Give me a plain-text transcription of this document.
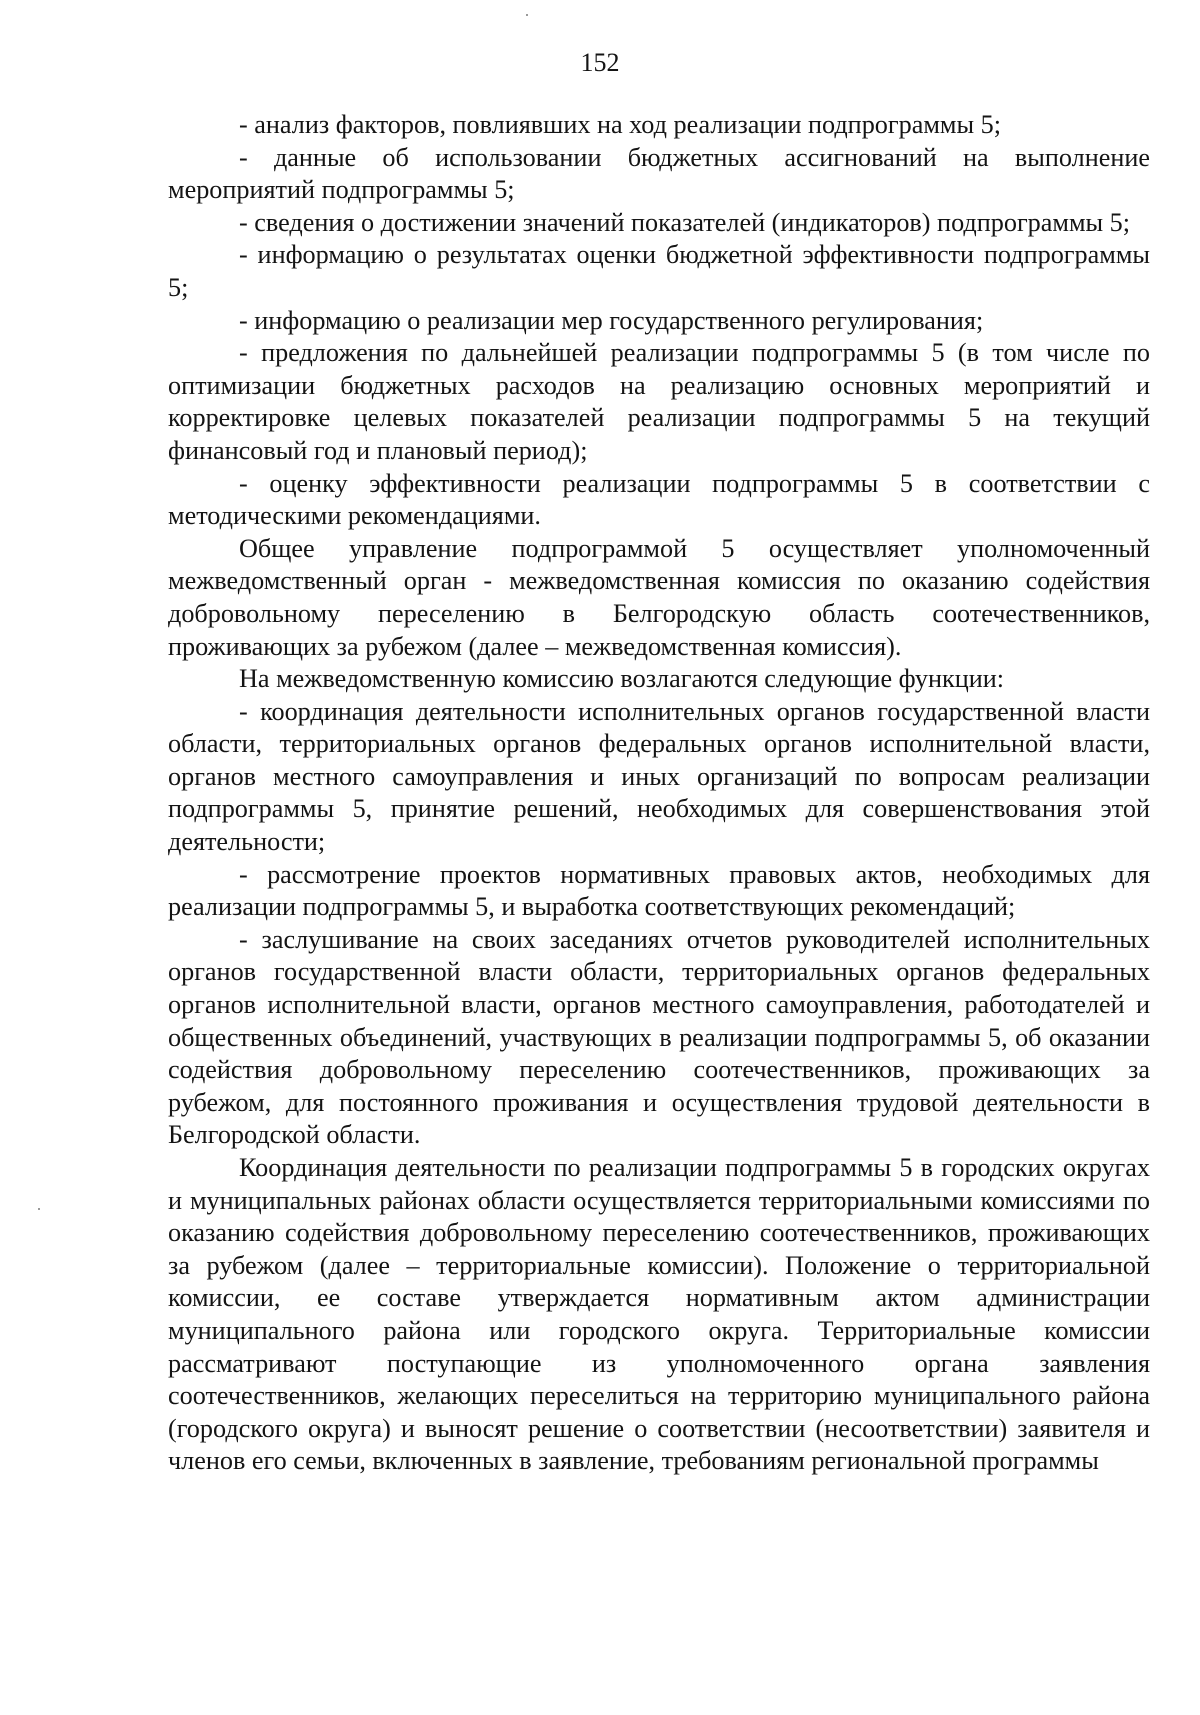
152

- анализ факторов, повлиявших на ход реализации подпрограммы 5;

- данные об использовании бюджетных ассигнований на выполнение мероприятий подпрограммы 5;

- сведения о достижении значений показателей (индикаторов) подпрограммы 5;

- информацию о результатах оценки бюджетной эффективности подпрограммы 5;

- информацию о реализации мер государственного регулирования;

- предложения по дальнейшей реализации подпрограммы 5 (в том числе по оптимизации бюджетных расходов на реализацию основных мероприятий и корректировке целевых показателей реализации подпрограммы 5 на текущий финансовый год и плановый период);

- оценку эффективности реализации подпрограммы 5 в соответствии с методическими рекомендациями.

Общее управление подпрограммой 5 осуществляет уполномоченный межведомственный орган - межведомственная комиссия по оказанию содействия добровольному переселению в Белгородскую область соотечественников, проживающих за рубежом (далее – межведомственная комиссия).

На межведомственную комиссию возлагаются следующие функции:

- координация деятельности исполнительных органов государственной власти области, территориальных органов федеральных органов исполнительной власти, органов местного самоуправления и иных организаций по вопросам реализации подпрограммы 5, принятие решений, необходимых для совершенствования этой деятельности;

- рассмотрение проектов нормативных правовых актов, необходимых для реализации подпрограммы 5, и выработка соответствующих рекомендаций;

- заслушивание на своих заседаниях отчетов руководителей исполнительных органов государственной власти области, территориальных органов федеральных органов исполнительной власти, органов местного самоуправления, работодателей и общественных объединений, участвующих в реализации подпрограммы 5, об оказании содействия добровольному переселению соотечественников, проживающих за рубежом, для постоянного проживания и осуществления трудовой деятельности в Белгородской области.

Координация деятельности по реализации подпрограммы 5 в городских округах и муниципальных районах области осуществляется территориальными комиссиями по оказанию содействия добровольному переселению соотечественников, проживающих за рубежом (далее – территориальные комиссии). Положение о территориальной комиссии, ее составе утверждается нормативным актом администрации муниципального района или городского округа. Территориальные комиссии рассматривают поступающие из уполномоченного органа заявления соотечественников, желающих переселиться на территорию муниципального района (городского округа) и выносят решение о соответствии (несоответствии) заявителя и членов его семьи, включенных в заявление, требованиям региональной программы
